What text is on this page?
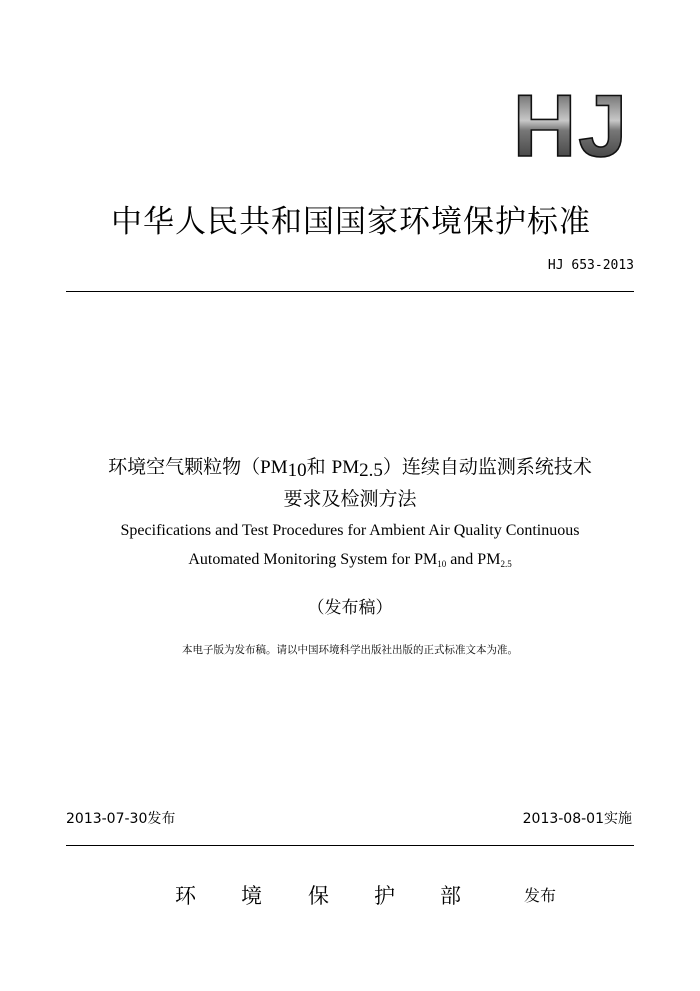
HJ
中华人民共和国国家环境保护标准
HJ 653-2013
环境空气颗粒物（$PM_{10}$和 $PM_{2.5}$）连续自动监测系统技术
要求及检测方法
Specifications and Test Procedures for Ambient Air Quality Continuous
Automated Monitoring System for $PM_{10}$ and $PM_{2.5}$
（发布稿）
本电子版为发布稿。请以中国环境科学出版社出版的正式标准文本为准。
2013-07-30发布	2013-08-01实施
环 境 保 护 部	发布
